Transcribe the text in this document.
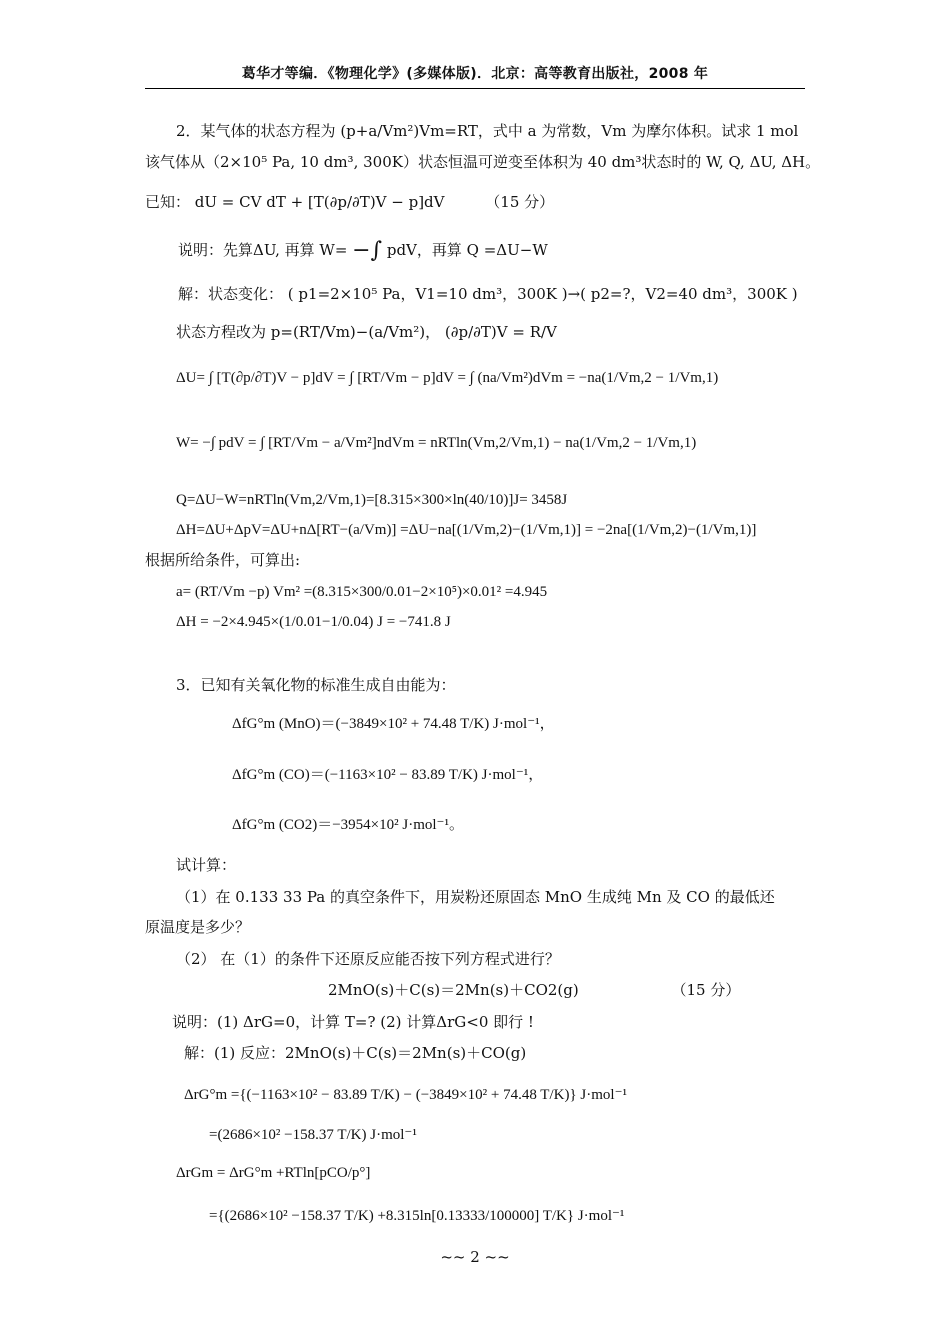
葛华才等编．《物理化学》(多媒体版)．北京：高等教育出版社，2008 年
2．某气体的状态方程为 (p+a/Vm²)Vm=RT，式中 a 为常数，Vm 为摩尔体积。试求 1 mol
该气体从（2×10⁵ Pa, 10 dm³, 300K）状态恒温可逆变至体积为 40 dm³状态时的 W, Q, ΔU, ΔH。
已知： dU = CV dT + [T(∂p/∂T)V − p]dV	（15 分）
说明：先算ΔU, 再算 W= −∫ pdV，再算 Q =ΔU−W
解：状态变化： ( p1=2×10⁵ Pa，V1=10 dm³，300K )→( p2=?，V2=40 dm³，300K )
状态方程改为 p=(RT/Vm)−(a/Vm²)， (∂p/∂T)V = R/V
ΔU= ∫ [T(∂p/∂T)V − p]dV = ∫ [RT/Vm − p]dV = ∫ (na/Vm²)dVm = −na(1/Vm,2 − 1/Vm,1)
W= −∫ pdV = ∫ [RT/Vm − a/Vm²]ndVm = nRTln(Vm,2/Vm,1) − na(1/Vm,2 − 1/Vm,1)
Q=ΔU−W=nRTln(Vm,2/Vm,1)=[8.315×300×ln(40/10)]J= 3458J
ΔH=ΔU+ΔpV=ΔU+nΔ[RT−(a/Vm)] =ΔU−na[(1/Vm,2)−(1/Vm,1)] = −2na[(1/Vm,2)−(1/Vm,1)]
根据所给条件，可算出:
a= (RT/Vm −p) Vm² =(8.315×300/0.01−2×10⁵)×0.01² =4.945
ΔH = −2×4.945×(1/0.01−1/0.04) J = −741.8 J
3．已知有关氧化物的标准生成自由能为：
ΔfG°m (MnO)＝(−3849×10² + 74.48 T/K) J·mol⁻¹，
ΔfG°m (CO)＝(−1163×10² − 83.89 T/K) J·mol⁻¹，
ΔfG°m (CO2)＝−3954×10² J·mol⁻¹。
试计算：
（1）在 0.133 33 Pa 的真空条件下，用炭粉还原固态 MnO 生成纯 Mn 及 CO 的最低还
原温度是多少？
（2） 在（1）的条件下还原反应能否按下列方程式进行？
2MnO(s)＋C(s)＝2Mn(s)＋CO2(g)	（15 分）
说明：(1) ΔrG=0，计算 T=? (2) 计算ΔrG<0 即行 !
解：(1) 反应：2MnO(s)＋C(s)＝2Mn(s)＋CO(g)
ΔrG°m ={(−1163×10² − 83.89 T/K) − (−3849×10² + 74.48 T/K)} J·mol⁻¹
=(2686×10² −158.37 T/K) J·mol⁻¹
ΔrGm = ΔrG°m +RTln[pCO/p°]
={(2686×10² −158.37 T/K) +8.315ln[0.13333/100000] T/K} J·mol⁻¹
~~ 2 ~~
